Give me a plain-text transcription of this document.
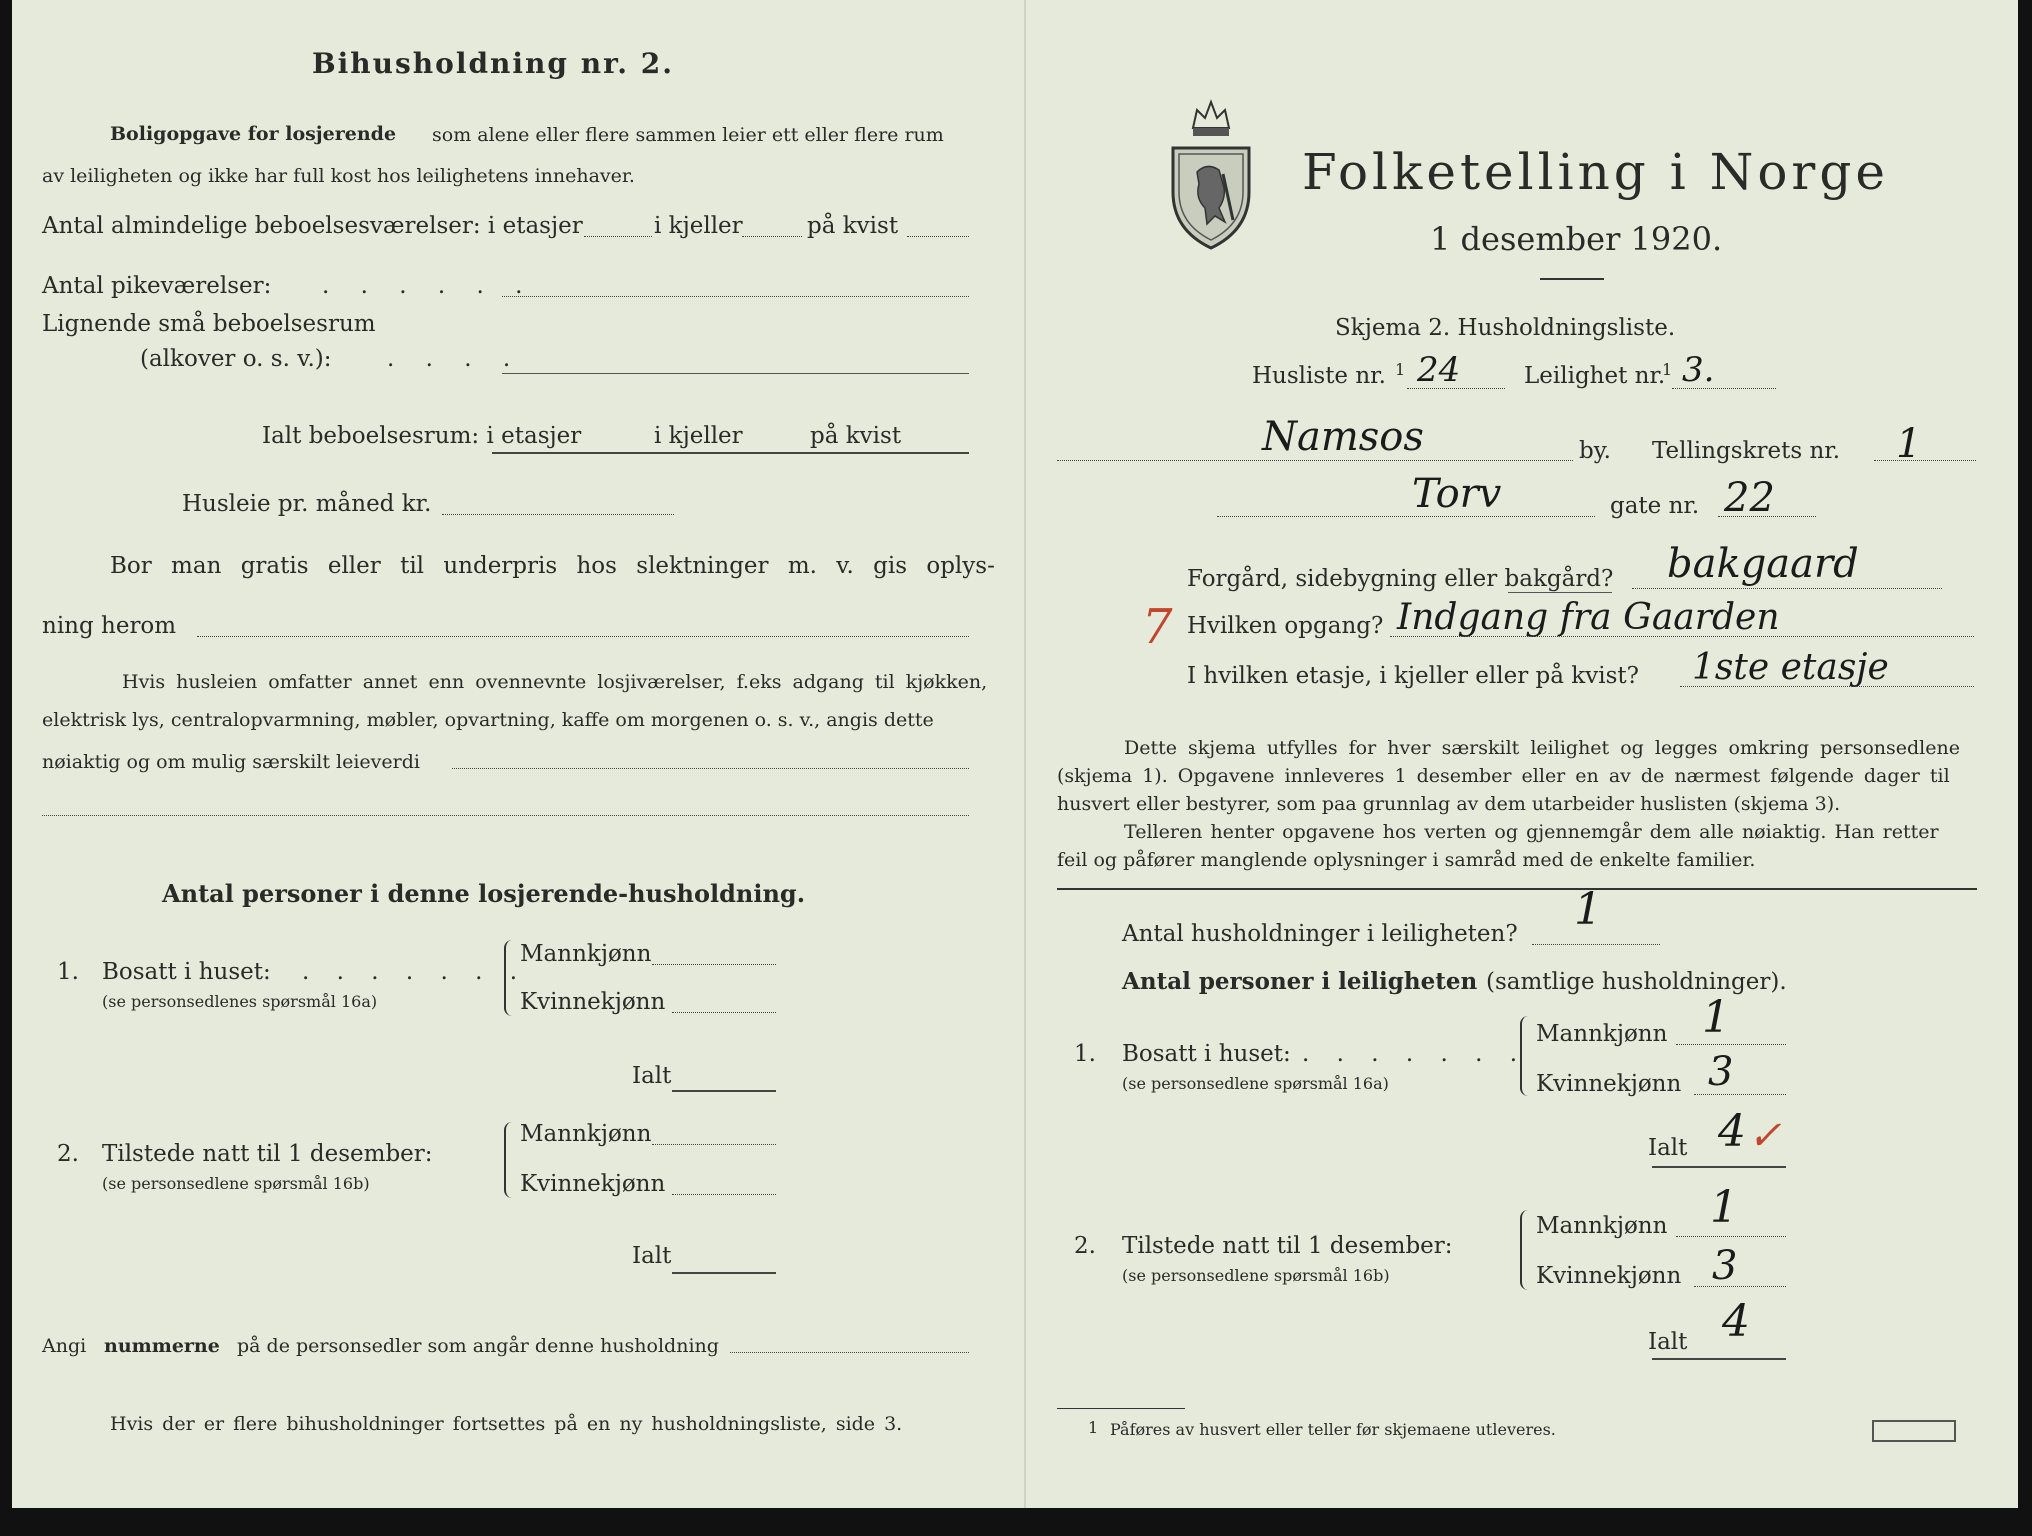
Bihusholdning nr. 2.
Boligopgave for losjerende som alene eller flere sammen leier ett eller flere rum
av leiligheten og ikke har full kost hos leilighetens innehaver.
Antal almindelige beboelsesværelser: i etasjer	i kjeller	på kvist
Antal pikeværelser: . . . . . .
Lignende små beboelsesrum
(alkover o. s. v.): . . . .
Ialt beboelsesrum: i etasjer	i kjeller	på kvist
Husleie pr. måned kr.
Bor man gratis eller til underpris hos slektninger m. v. gis oplys-
ning herom
Hvis husleien omfatter annet enn ovennevnte losjiværelser, f.eks adgang til kjøkken,
elektrisk lys, centralopvarmning, møbler, opvartning, kaffe om morgenen o. s. v., angis dette
nøiaktig og om mulig særskilt leieverdi
Antal personer i denne losjerende-husholdning.
1. Bosatt i huset: . . . . . . .
(se personsedlenes spørsmål 16a)
Mannkjønn
Kvinnekjønn
Ialt
2. Tilstede natt til 1 desember:
(se personsedlene spørsmål 16b)
Mannkjønn
Kvinnekjønn
Ialt
Angi nummerne på de personsedler som angår denne husholdning
Hvis der er flere bihusholdninger fortsettes på en ny husholdningsliste, side 3.
Folketelling i Norge
1 desember 1920.
Skjema 2. Husholdningsliste.
Husliste nr. 1 24	Leilighet nr.
1 3.
Namsos	by. Tellingskrets nr. 1
Torv	gate nr. 22
Forgård, sidebygning eller bakgård? bakgaard
7 Hvilken opgang? Indgang fra Gaarden
I hvilken etasje, i kjeller eller på kvist? 1ste etasje
Dette skjema utfylles for hver særskilt leilighet og legges omkring personsedlene
(skjema 1). Opgavene innleveres 1 desember eller en av de nærmest følgende dager til
husvert eller bestyrer, som paa grunnlag av dem utarbeider huslisten (skjema 3).
Telleren henter opgavene hos verten og gjennemgår dem alle nøiaktig. Han retter
feil og påfører manglende oplysninger i samråd med de enkelte familier.
Antal husholdninger i leiligheten? 1
Antal personer i leiligheten (samtlige husholdninger).
1. Bosatt i huset: . . . . . . .
(se personsedlene spørsmål 16a)
Mannkjønn 1
Kvinnekjønn 3
Ialt 4 ✓
2. Tilstede natt til 1 desember:
(se personsedlene spørsmål 16b)
Mannkjønn 1
Kvinnekjønn 3
Ialt 4
1 Påføres av husvert eller teller før skjemaene utleveres.
